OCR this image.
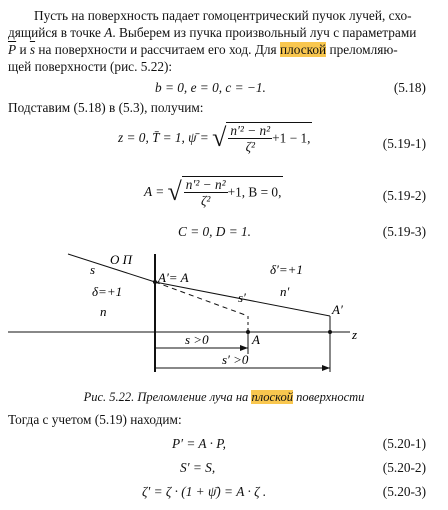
Пусть на поверхность падает гомоцентрический пучок лучей, схо-
дящийся в точке A. Выберем из пучка произвольный луч с параметрами
$\overline{P}$ и $\overline{s}$ на поверхности и рассчитаем его ход. Для плоской преломляю-
щей поверхности (рис. 5.22):
b = 0, e = 0, c = −1.	(5.18)
Подставим (5.18) в (5.3), получим:
z = 0, T̄ = 1, ψ̄ = √ $\frac{\text{n′² − n²}}{\text{ζ²}} +1 - 1$,	(5.19-1)
A = √ $\frac{\text{n′² − n²}}{\text{ζ²}} +1$, B = 0,	(5.19-2)
C = 0, D = 1.	(5.19-3)
О П
s
δ=+1
n
A′= A
δ′=+1
n′
s′
A′
A	z
s >0
s′ >0
Рис. 5.22. Преломление луча на плоской поверхности
Тогда с учетом (5.19) находим:
P′ = A · P,	(5.20-1)
S′ = S,	(5.20-2)
ζ′ = ζ · (1 + ψ̄) = A · ζ .	(5.20-3)
